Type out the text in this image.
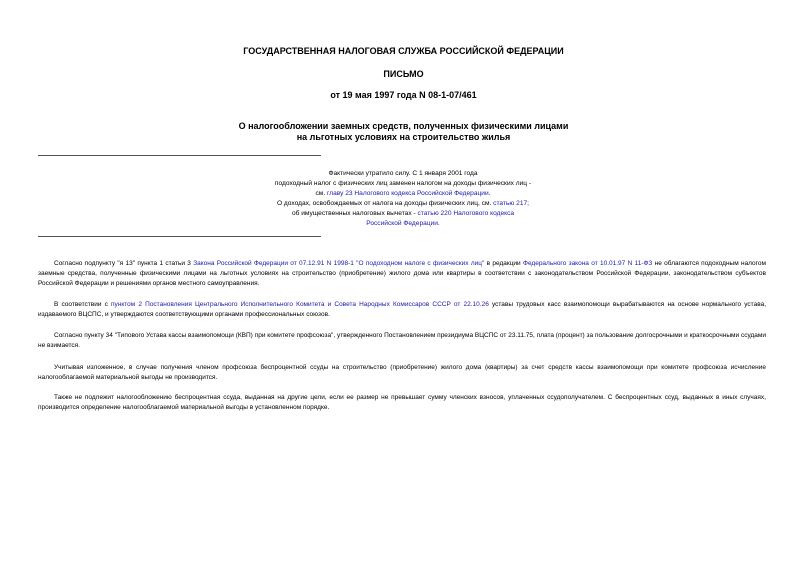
ГОСУДАРСТВЕННАЯ НАЛОГОВАЯ СЛУЖБА РОССИЙСКОЙ ФЕДЕРАЦИИ
ПИСЬМО
от 19 мая 1997 года N 08-1-07/461
О налогообложении заемных средств, полученных физическими лицами
на льготных условиях на строительство жилья
Фактически утратило силу. С 1 января 2001 года
подоходный налог с физических лиц заменен налогом на доходы физических лиц -
см. главу 23 Налогового кодекса Российской Федерации.
О доходах, освобождаемых от налога на доходы физических лиц, см. статью 217;
об имущественных налоговых вычетах - статью 220 Налогового кодекса
Российской Федерации.
Согласно подпункту "я 13" пункта 1 статьи 3 Закона Российской Федерации от 07.12.91 N 1998-1 "О подоходном налоге с физических лиц" в редакции Федерального закона от 10.01.97 N 11-ФЗ не облагаются подоходным налогом заемные средства, полученные физическими лицами на льготных условиях на строительство (приобретение) жилого дома или квартиры в соответствии с законодательством Российской Федерации, законодательством субъектов Российской Федерации и решениями органов местного самоуправления.
В соответствии с пунктом 2 Постановления Центрального Исполнительного Комитета и Совета Народных Комиссаров СССР от 22.10.26 уставы трудовых касс взаимопомощи вырабатываются на основе нормального устава, издаваемого ВЦСПС, и утверждаются соответствующими органами профессиональных союзов.
Согласно пункту 34 "Типового Устава кассы взаимопомощи (КВП) при комитете профсоюза", утвержденного Постановлением президиума ВЦСПС от 23.11.75, плата (процент) за пользование долгосрочными и краткосрочными ссудами не взимается.
Учитывая изложенное, в случае получения членом профсоюза беспроцентной ссуды на строительство (приобретение) жилого дома (квартиры) за счет средств кассы взаимопомощи при комитете профсоюза исчисление налогооблагаемой материальной выгоды не производится.
Также не подлежит налогообложению беспроцентная ссуда, выданная на другие цели, если ее размер не превышает сумму членских взносов, уплаченных ссудополучателем. С беспроцентных ссуд, выданных в иных случаях, производится определение налогооблагаемой материальной выгоды в установленном порядке.
